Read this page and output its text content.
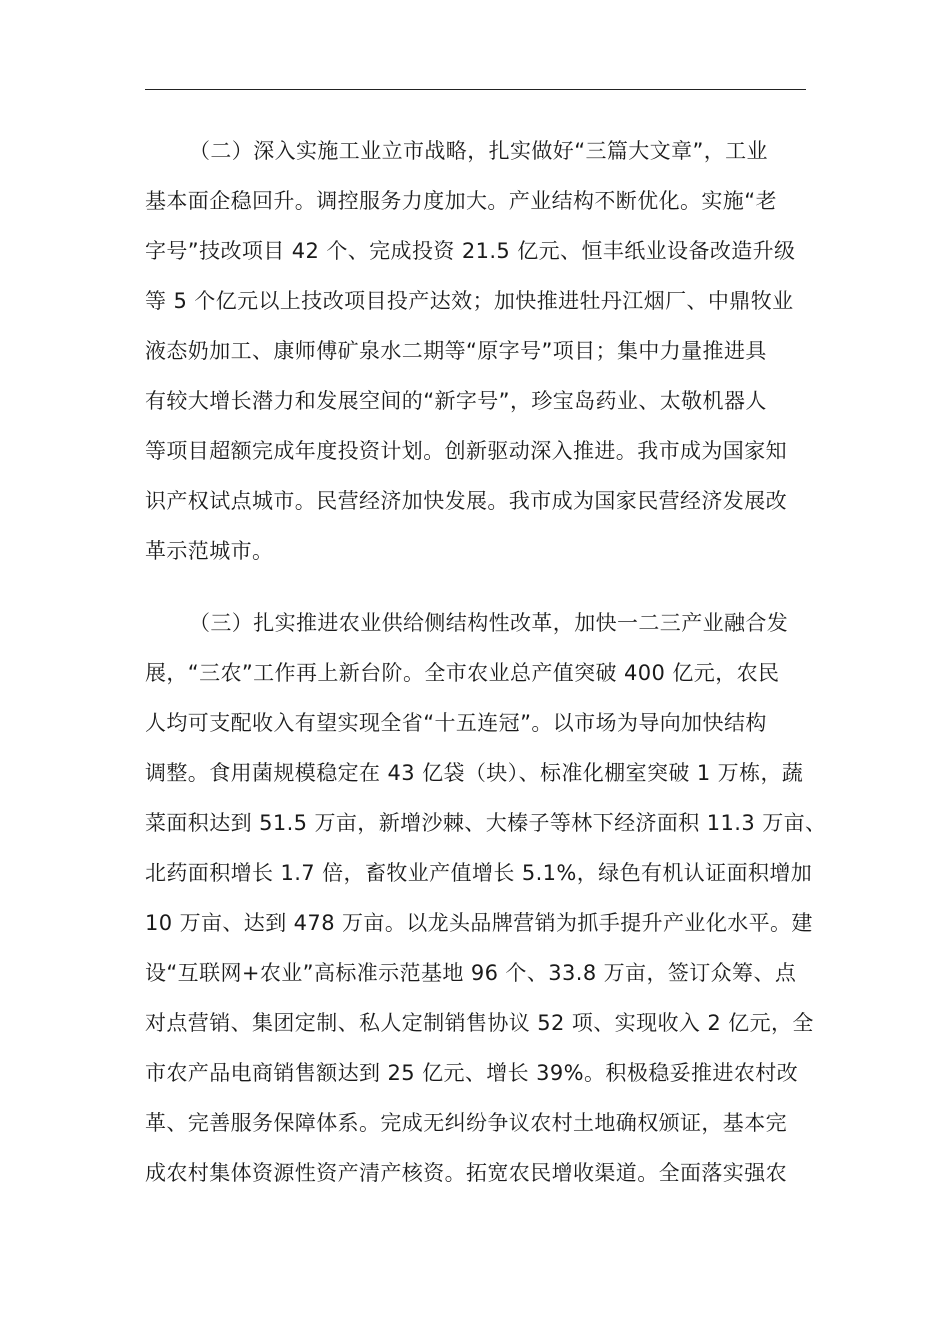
（二）深入实施工业立市战略，扎实做好“三篇大文章”，工业
基本面企稳回升。调控服务力度加大。产业结构不断优化。实施“老
字号”技改项目 42 个、完成投资 21.5 亿元、恒丰纸业设备改造升级
等 5 个亿元以上技改项目投产达效；加快推进牡丹江烟厂、中鼎牧业
液态奶加工、康师傅矿泉水二期等“原字号”项目；集中力量推进具
有较大增长潜力和发展空间的“新字号”，珍宝岛药业、太敬机器人
等项目超额完成年度投资计划。创新驱动深入推进。我市成为国家知
识产权试点城市。民营经济加快发展。我市成为国家民营经济发展改
革示范城市。

（三）扎实推进农业供给侧结构性改革，加快一二三产业融合发
展，“三农”工作再上新台阶。全市农业总产值突破 400 亿元，农民
人均可支配收入有望实现全省“十五连冠”。以市场为导向加快结构
调整。食用菌规模稳定在 43 亿袋（块）、标准化棚室突破 1 万栋，蔬
菜面积达到 51.5 万亩，新增沙棘、大榛子等林下经济面积 11.3 万亩、
北药面积增长 1.7 倍，畜牧业产值增长 5.1%，绿色有机认证面积增加
10 万亩、达到 478 万亩。以龙头品牌营销为抓手提升产业化水平。建
设“互联网+农业”高标准示范基地 96 个、33.8 万亩，签订众筹、点
对点营销、集团定制、私人定制销售协议 52 项、实现收入 2 亿元，全
市农产品电商销售额达到 25 亿元、增长 39%。积极稳妥推进农村改
革、完善服务保障体系。完成无纠纷争议农村土地确权颁证，基本完
成农村集体资源性资产清产核资。拓宽农民增收渠道。全面落实强农
